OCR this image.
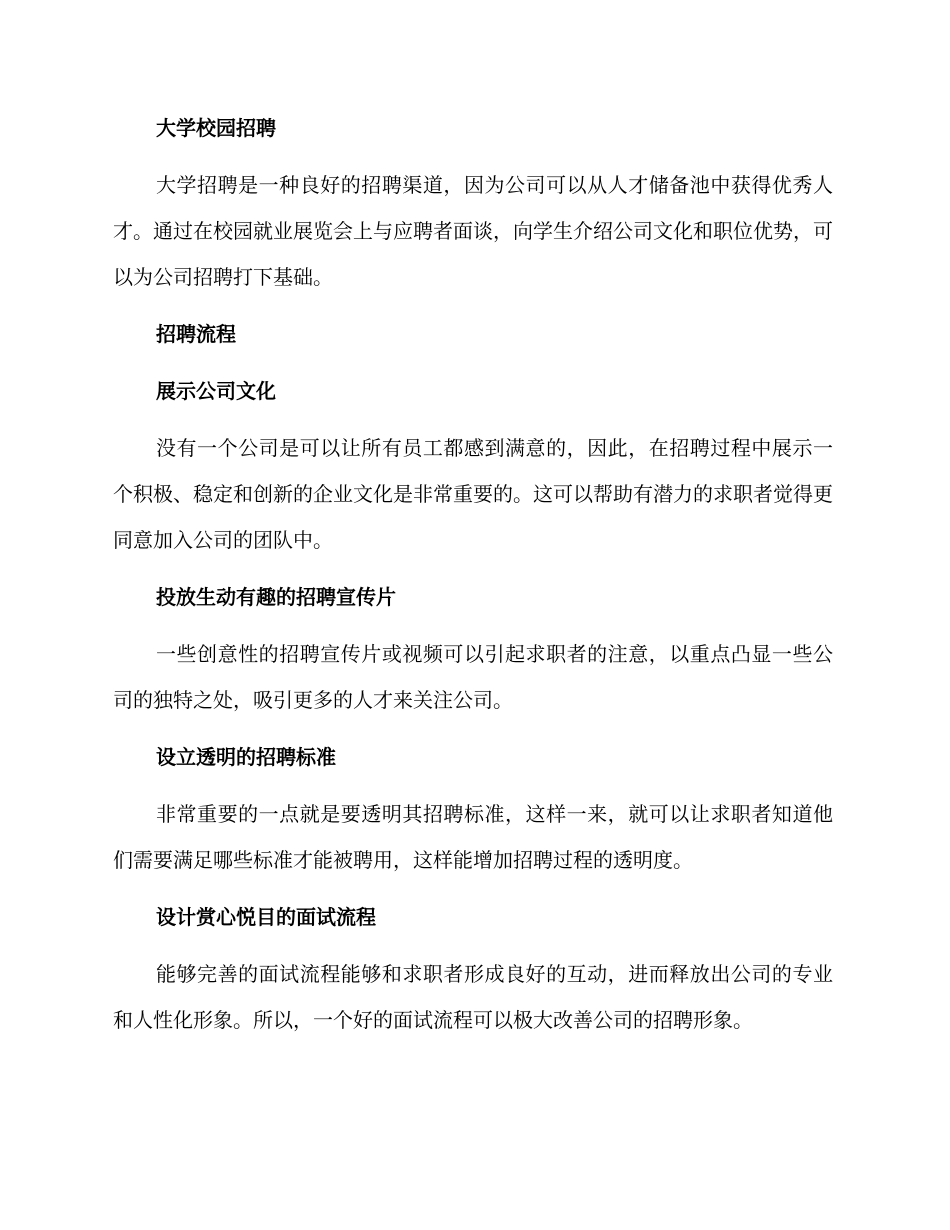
大学校园招聘

大学招聘是一种良好的招聘渠道，因为公司可以从人才储备池中获得优秀人才。通过在校园就业展览会上与应聘者面谈，向学生介绍公司文化和职位优势，可以为公司招聘打下基础。

招聘流程
展示公司文化

没有一个公司是可以让所有员工都感到满意的，因此，在招聘过程中展示一个积极、稳定和创新的企业文化是非常重要的。这可以帮助有潜力的求职者觉得更同意加入公司的团队中。

投放生动有趣的招聘宣传片

一些创意性的招聘宣传片或视频可以引起求职者的注意，以重点凸显一些公司的独特之处，吸引更多的人才来关注公司。

设立透明的招聘标准

非常重要的一点就是要透明其招聘标准，这样一来，就可以让求职者知道他们需要满足哪些标准才能被聘用，这样能增加招聘过程的透明度。

设计赏心悦目的面试流程

能够完善的面试流程能够和求职者形成良好的互动，进而释放出公司的专业和人性化形象。所以，一个好的面试流程可以极大改善公司的招聘形象。
